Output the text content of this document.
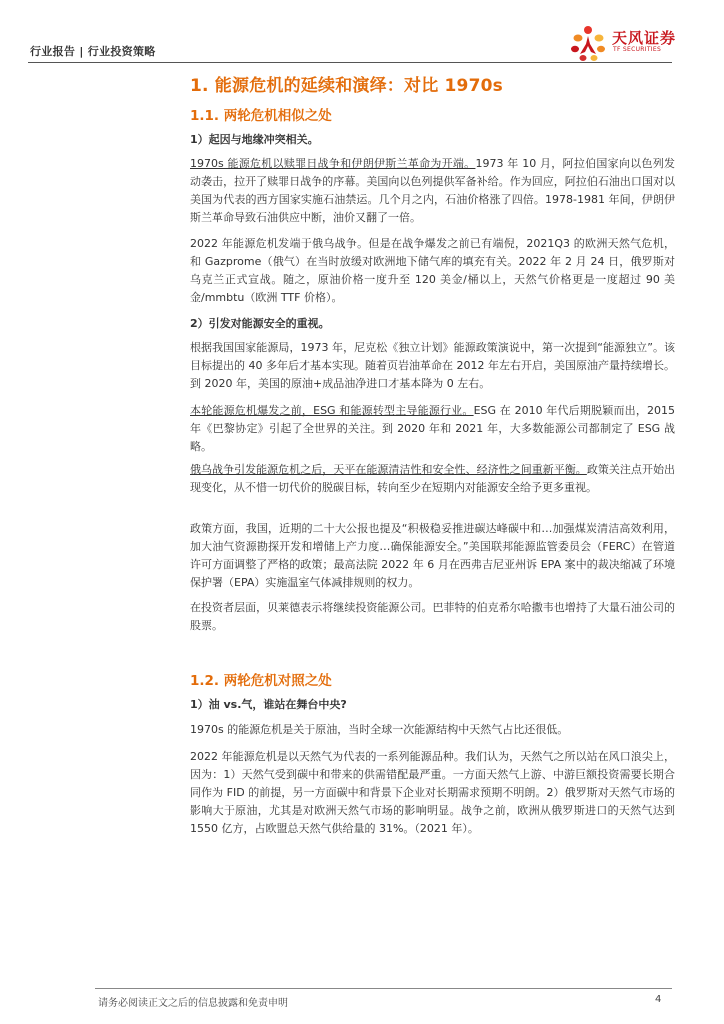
行业报告 | 行业投资策略
天风证券
TF SECURITIES
1. 能源危机的延续和演绎：对比 1970s
1.1. 两轮危机相似之处
1）起因与地缘冲突相关。
1970s 能源危机以赎罪日战争和伊朗伊斯兰革命为开端。1973 年 10 月，阿拉伯国家向以色列发动袭击，拉开了赎罪日战争的序幕。美国向以色列提供军备补给。作为回应，阿拉伯石油出口国对以美国为代表的西方国家实施石油禁运。几个月之内，石油价格涨了四倍。1978-1981 年间，伊朗伊斯兰革命导致石油供应中断，油价又翻了一倍。
2022 年能源危机发端于俄乌战争。但是在战争爆发之前已有端倪，2021Q3 的欧洲天然气危机，和 Gazprome（俄气）在当时放缓对欧洲地下储气库的填充有关。2022 年 2 月 24 日，俄罗斯对乌克兰正式宣战。随之，原油价格一度升至 120 美金/桶以上，天然气价格更是一度超过 90 美金/mmbtu（欧洲 TTF 价格）。
2）引发对能源安全的重视。
根据我国国家能源局，1973 年，尼克松《独立计划》能源政策演说中，第一次提到“能源独立”。该目标提出的 40 多年后才基本实现。随着页岩油革命在 2012 年左右开启，美国原油产量持续增长。到 2020 年，美国的原油+成品油净进口才基本降为 0 左右。
本轮能源危机爆发之前，ESG 和能源转型主导能源行业。ESG 在 2010 年代后期脱颖而出，2015 年《巴黎协定》引起了全世界的关注。到 2020 年和 2021 年，大多数能源公司都制定了 ESG 战略。
俄乌战争引发能源危机之后，天平在能源清洁性和安全性、经济性之间重新平衡。政策关注点开始出现变化，从不惜一切代价的脱碳目标，转向至少在短期内对能源安全给予更多重视。
政策方面，我国，近期的二十大公报也提及“积极稳妥推进碳达峰碳中和…加强煤炭清洁高效利用，加大油气资源勘探开发和增储上产力度…确保能源安全。”美国联邦能源监管委员会（FERC）在管道许可方面调整了严格的政策；最高法院 2022 年 6 月在西弗吉尼亚州诉 EPA 案中的裁决缩减了环境保护署（EPA）实施温室气体减排规则的权力。
在投资者层面，贝莱德表示将继续投资能源公司。巴菲特的伯克希尔哈撒韦也增持了大量石油公司的股票。
1.2. 两轮危机对照之处
1）油 vs.气，谁站在舞台中央?
1970s 的能源危机是关于原油，当时全球一次能源结构中天然气占比还很低。
2022 年能源危机是以天然气为代表的一系列能源品种。我们认为，天然气之所以站在风口浪尖上，因为：1）天然气受到碳中和带来的供需错配最严重。一方面天然气上游、中游巨额投资需要长期合同作为 FID 的前提，另一方面碳中和背景下企业对长期需求预期不明朗。2）俄罗斯对天然气市场的影响大于原油，尤其是对欧洲天然气市场的影响明显。战争之前，欧洲从俄罗斯进口的天然气达到 1550 亿方，占欧盟总天然气供给量的 31%。（2021 年）。
请务必阅读正文之后的信息披露和免责申明	4
